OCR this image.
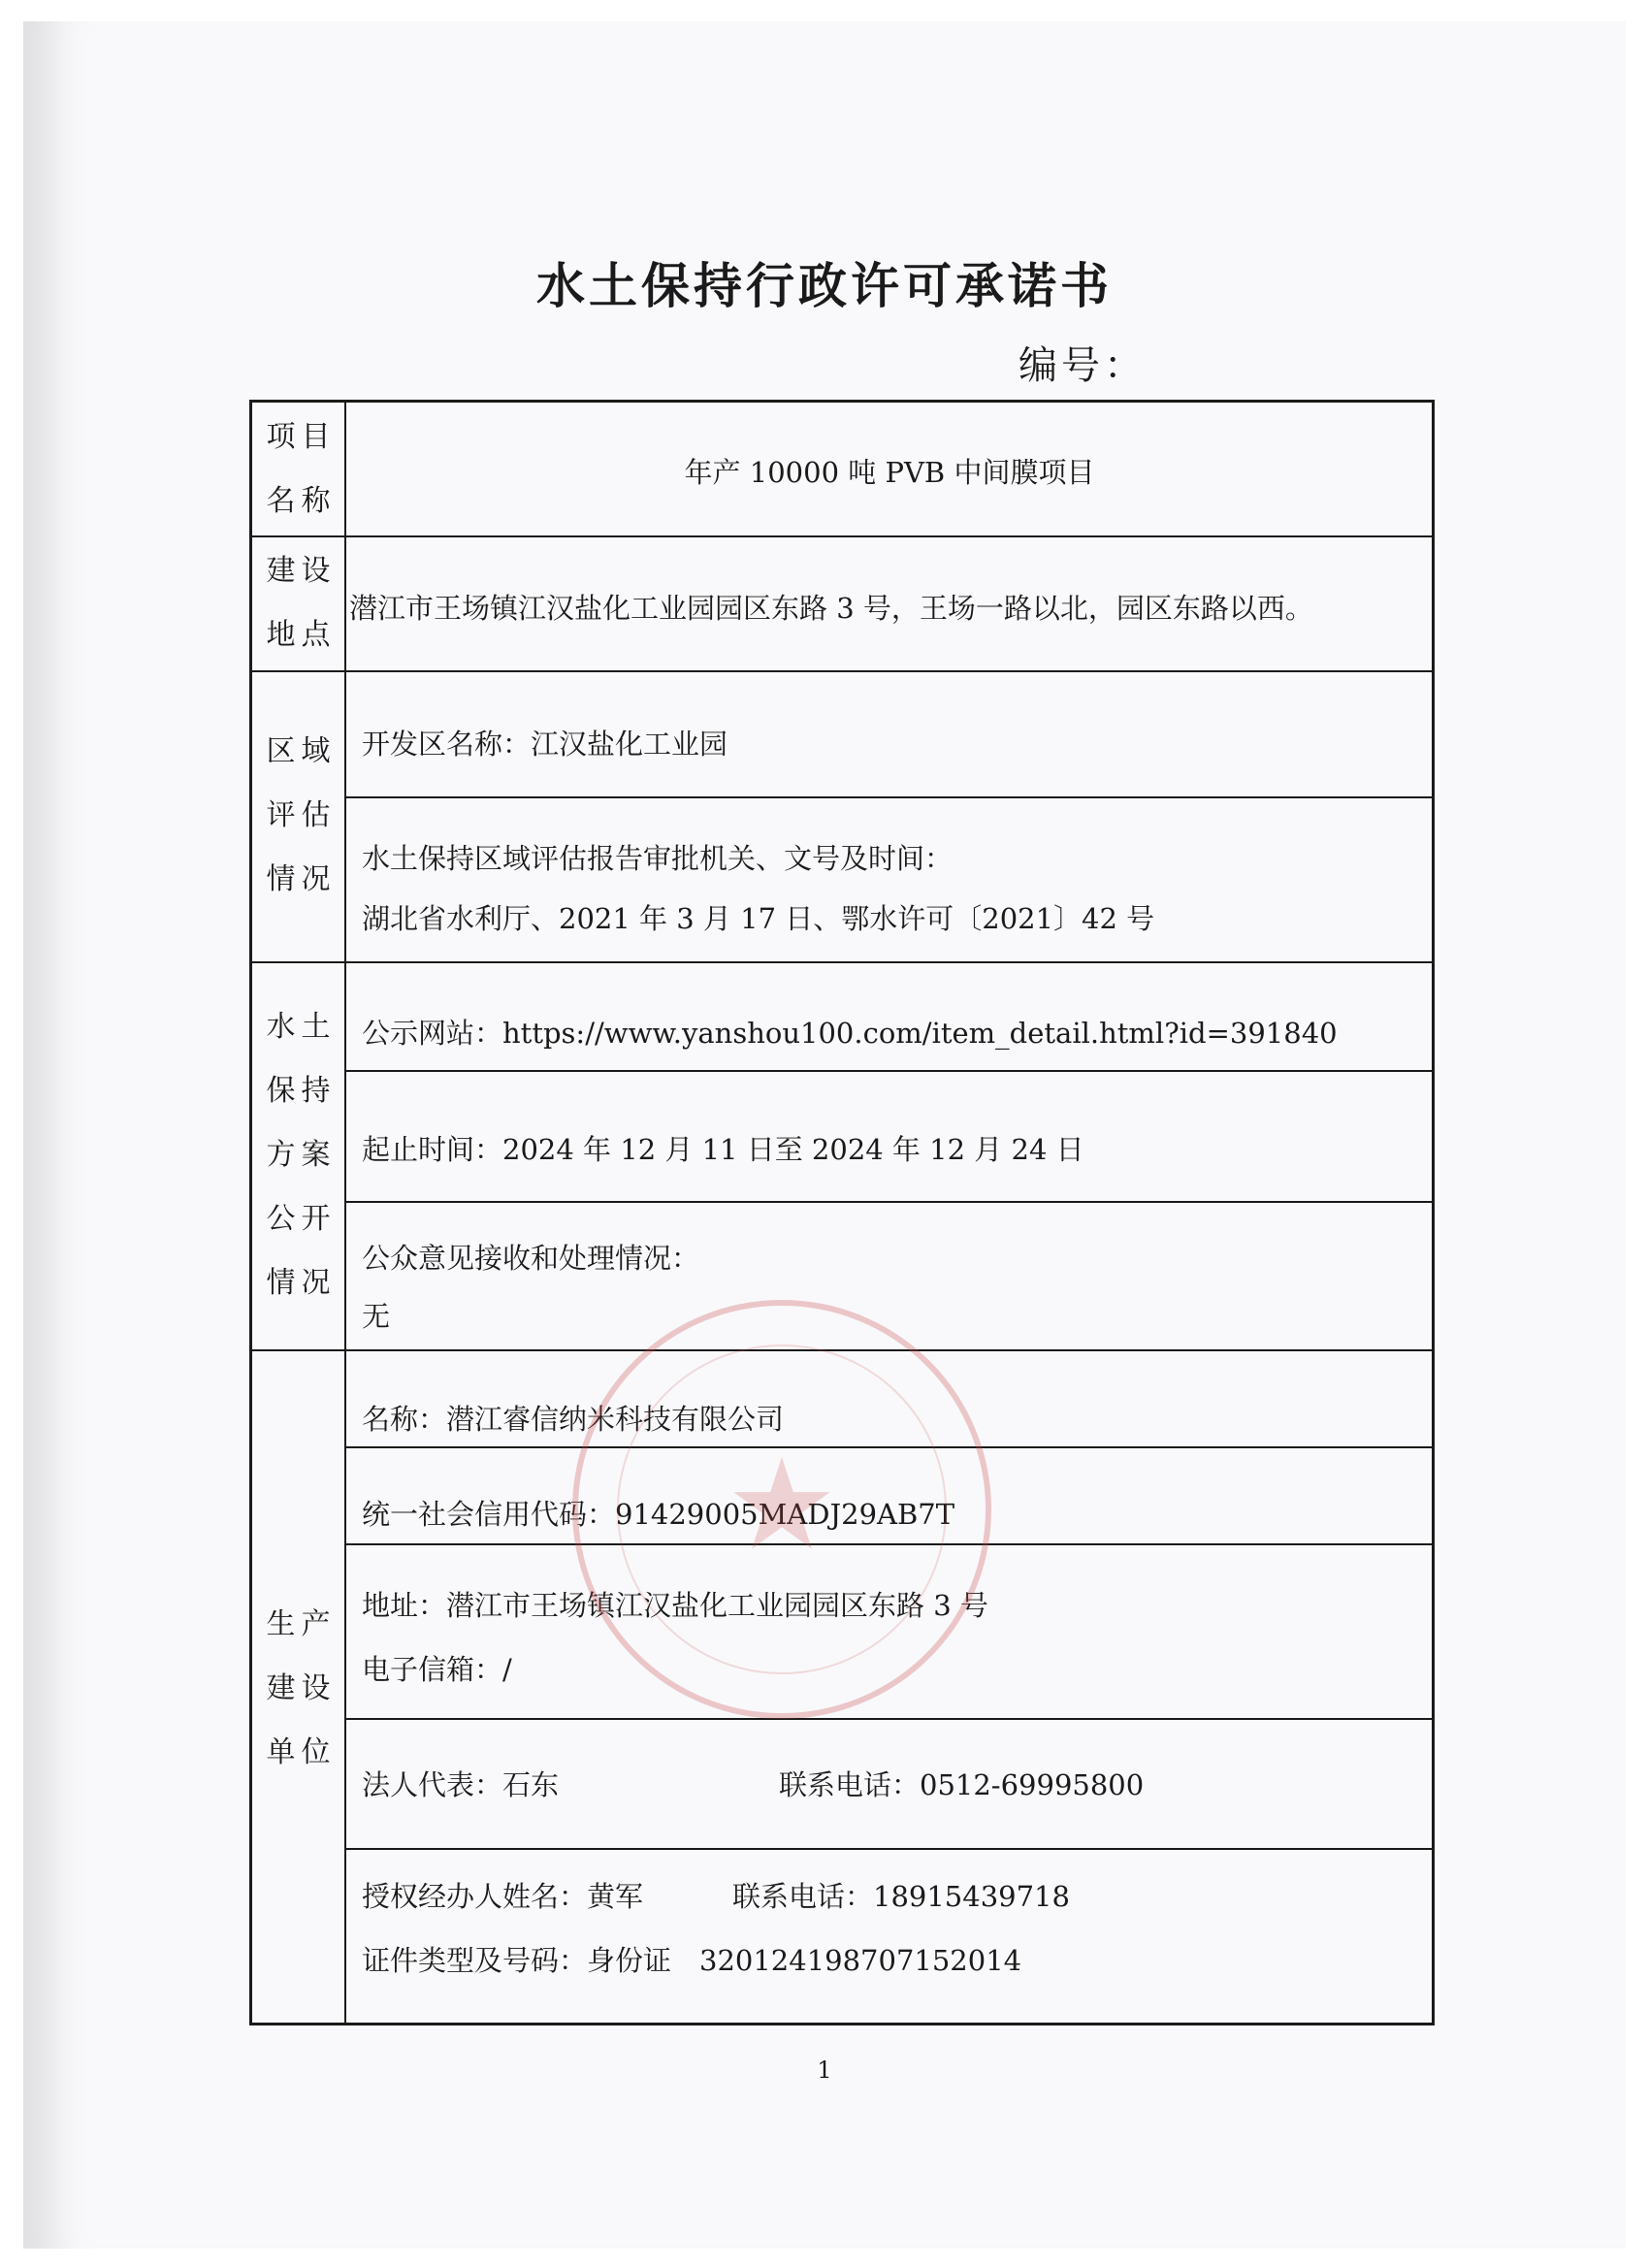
水土保持行政许可承诺书
编号：
项目
名称
年产 10000 吨 PVB 中间膜项目
建设
地点
潜江市王场镇江汉盐化工业园园区东路 3 号，王场一路以北，园区东路以西。
区域
评估
情况
开发区名称：江汉盐化工业园
水土保持区域评估报告审批机关、文号及时间：
湖北省水利厅、2021 年 3 月 17 日、鄂水许可〔2021〕42 号
水土
保持
方案
公开
情况
公示网站：https://www.yanshou100.com/item_detail.html?id=391840
起止时间：2024 年 12 月 11 日至 2024 年 12 月 24 日
公众意见接收和处理情况：
无
生产
建设
单位
名称：潜江睿信纳米科技有限公司
统一社会信用代码：91429005MADJ29AB7T
地址：潜江市王场镇江汉盐化工业园园区东路 3 号
电子信箱：/
法人代表：石东	联系电话：0512-69995800
授权经办人姓名：黄军	联系电话：18915439718
证件类型及号码：身份证　320124198707152014
★
1
